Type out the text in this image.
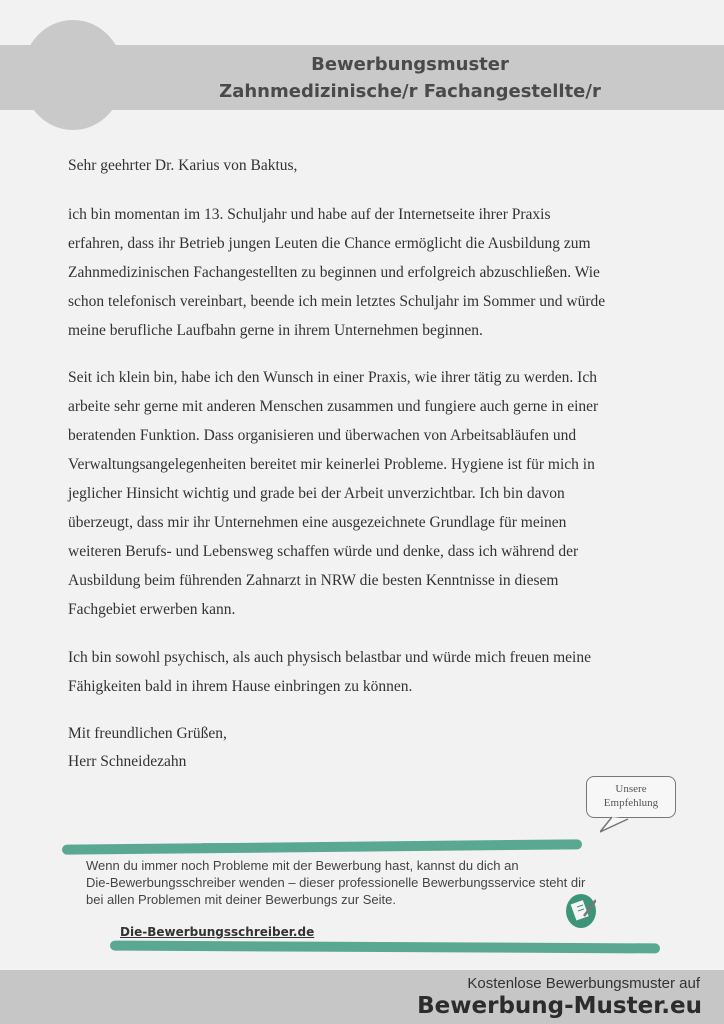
Bewerbungsmuster
Zahnmedizinische/r Fachangestellte/r
Sehr geehrter Dr. Karius von Baktus,
ich bin momentan im 13. Schuljahr und habe auf der Internetseite ihrer Praxis
erfahren, dass ihr Betrieb jungen Leuten die Chance ermöglicht die Ausbildung zum
Zahnmedizinischen Fachangestellten zu beginnen und erfolgreich abzuschließen. Wie
schon telefonisch vereinbart, beende ich mein letztes Schuljahr im Sommer und würde
meine berufliche Laufbahn gerne in ihrem Unternehmen beginnen.
Seit ich klein bin, habe ich den Wunsch in einer Praxis, wie ihrer tätig zu werden. Ich
arbeite sehr gerne mit anderen Menschen zusammen und fungiere auch gerne in einer
beratenden Funktion. Dass organisieren und überwachen von Arbeitsabläufen und
Verwaltungsangelegenheiten bereitet mir keinerlei Probleme. Hygiene ist für mich in
jeglicher Hinsicht wichtig und grade bei der Arbeit unverzichtbar. Ich bin davon
überzeugt, dass mir ihr Unternehmen eine ausgezeichnete Grundlage für meinen
weiteren Berufs- und Lebensweg schaffen würde und denke, dass ich während der
Ausbildung beim führenden Zahnarzt in NRW die besten Kenntnisse in diesem
Fachgebiet erwerben kann.
Ich bin sowohl psychisch, als auch physisch belastbar und würde mich freuen meine
Fähigkeiten bald in ihrem Hause einbringen zu können.
Mit freundlichen Grüßen,
Herr Schneidezahn
Unsere
Empfehlung
Wenn du immer noch Probleme mit der Bewerbung hast, kannst du dich an
Die-Bewerbungsschreiber wenden – dieser professionelle Bewerbungsservice steht dir
bei allen Problemen mit deiner Bewerbungs zur Seite.
Die-Bewerbungsschreiber.de
Kostenlose Bewerbungsmuster auf
Bewerbung-Muster.eu
